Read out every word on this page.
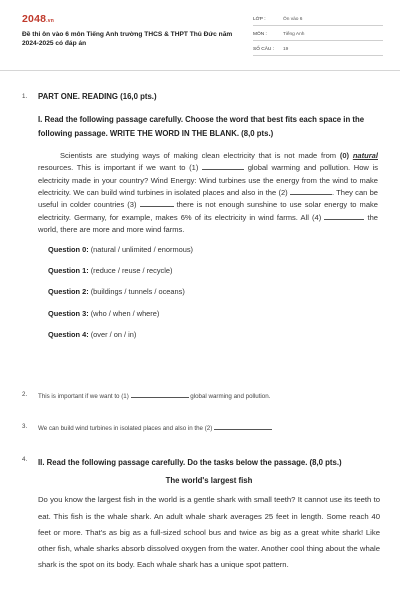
2048.vn
Đề thi ôn vào 6 môn Tiếng Anh trường THCS & THPT Thủ Đức năm 2024-2025 có đáp án
LỚP :	Ôn vào 6
MÔN :	Tiếng Anh
SỐ CÂU : 19
1. PART ONE. READING (16,0 pts.)
I. Read the following passage carefully. Choose the word that best fits each space in the following passage. WRITE THE WORD IN THE BLANK. (8,0 pts.)

Scientists are studying ways of making clean electricity that is not made from (0) natural resources. This is important if we want to (1)	global warming and pollution. How is electricity made in your country? Wind Energy: Wind turbines use the energy from the wind to make electricity. We can build wind turbines in isolated places and also in the (2)	. They can be useful in colder countries (3)	there is not enough sunshine to use solar energy to make electricity. Germany, for example, makes 6% of its electricity in wind farms. All (4)	the world, there are more and more wind farms.

Question 0: (natural / unlimited / enormous)
Question 1: (reduce / reuse / recycle)
Question 2: (buildings / tunnels / oceans)
Question 3: (who / when / where)
Question 4: (over / on / in)
2. This is important if we want to (1)	global warming and pollution.
3. We can build wind turbines in isolated places and also in the (2)
4. II. Read the following passage carefully. Do the tasks below the passage. (8,0 pts.)
The world's largest fish
Do you know the largest fish in the world is a gentle shark with small teeth? It cannot use its teeth to eat. This fish is the whale shark. An adult whale shark averages 25 feet in length. Some reach 40 feet or more. That's as big as a full-sized school bus and twice as big as a great white shark! Like other fish, whale sharks absorb dissolved oxygen from the water. Another cool thing about the whale shark is the spot on its body. Each whale shark has a unique spot pattern.
